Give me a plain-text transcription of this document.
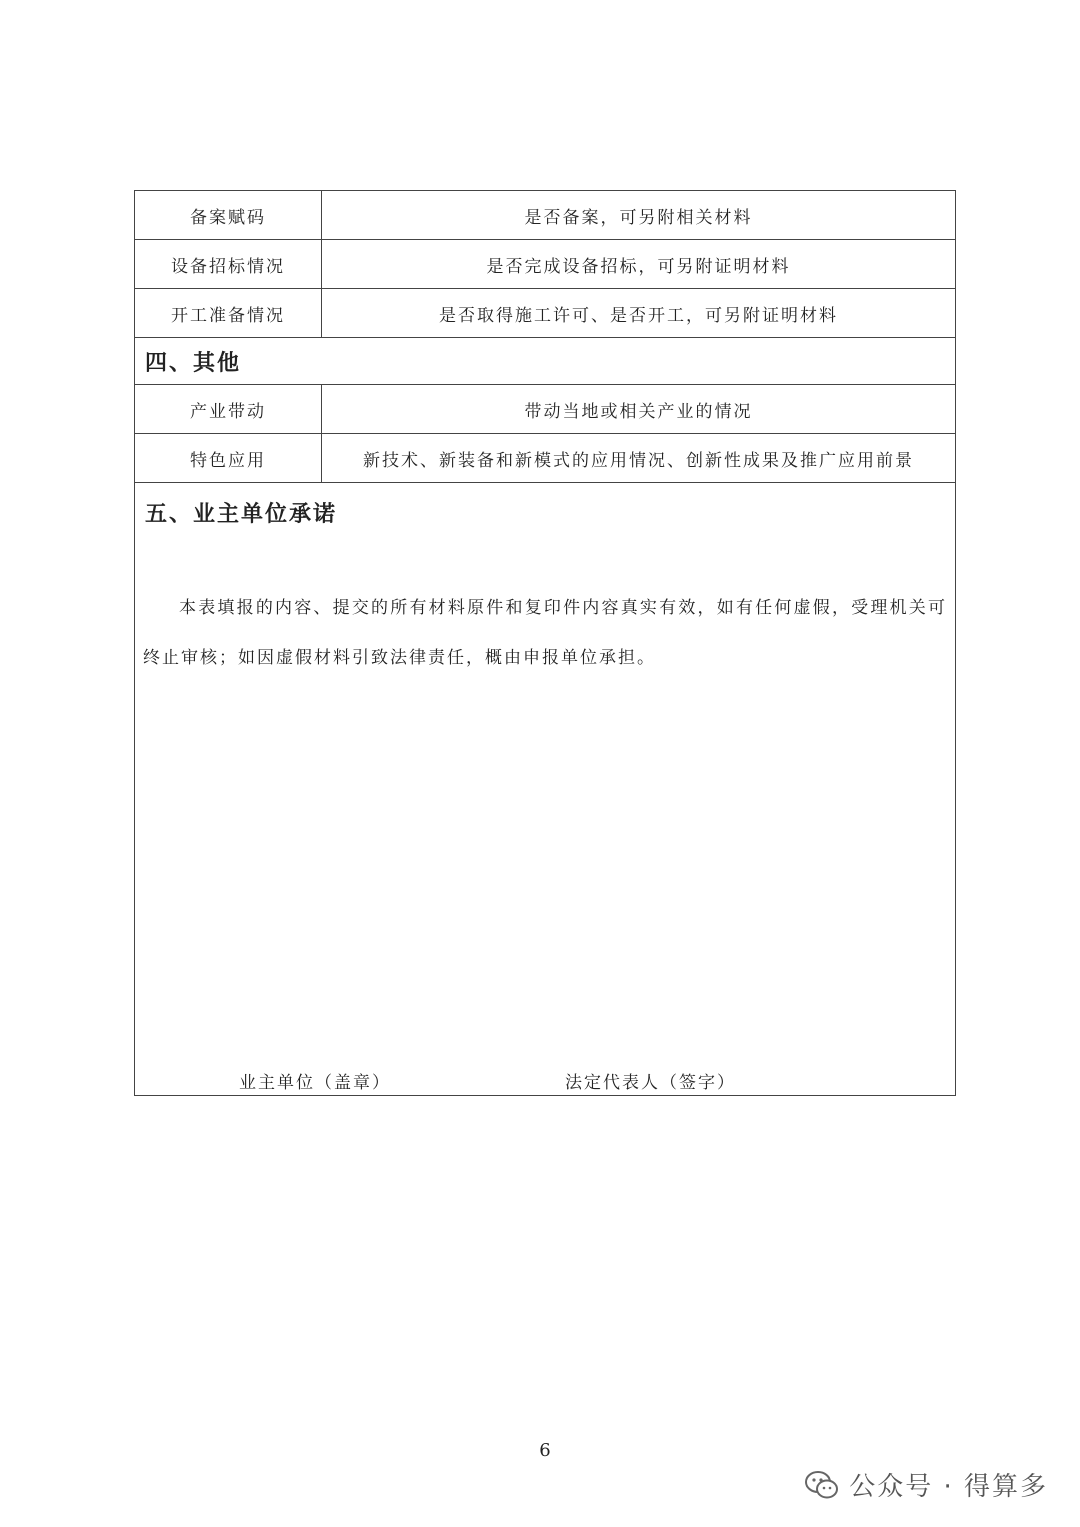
备案赋码	是否备案，可另附相关材料
设备招标情况	是否完成设备招标，可另附证明材料
开工准备情况	是否取得施工许可、是否开工，可另附证明材料
四、其他	
产业带动	带动当地或相关产业的情况
特色应用	新技术、新装备和新模式的应用情况、创新性成果及推广应用前景

五、业主单位承诺
本表填报的内容、提交的所有材料原件和复印件内容真实有效，如有任何虚假，受理机关可终止审核；如因虚假材料引致法律责任，概由申报单位承担。
业主单位（盖章） 法定代表人（签字）	
6
公众号 · 得算多
